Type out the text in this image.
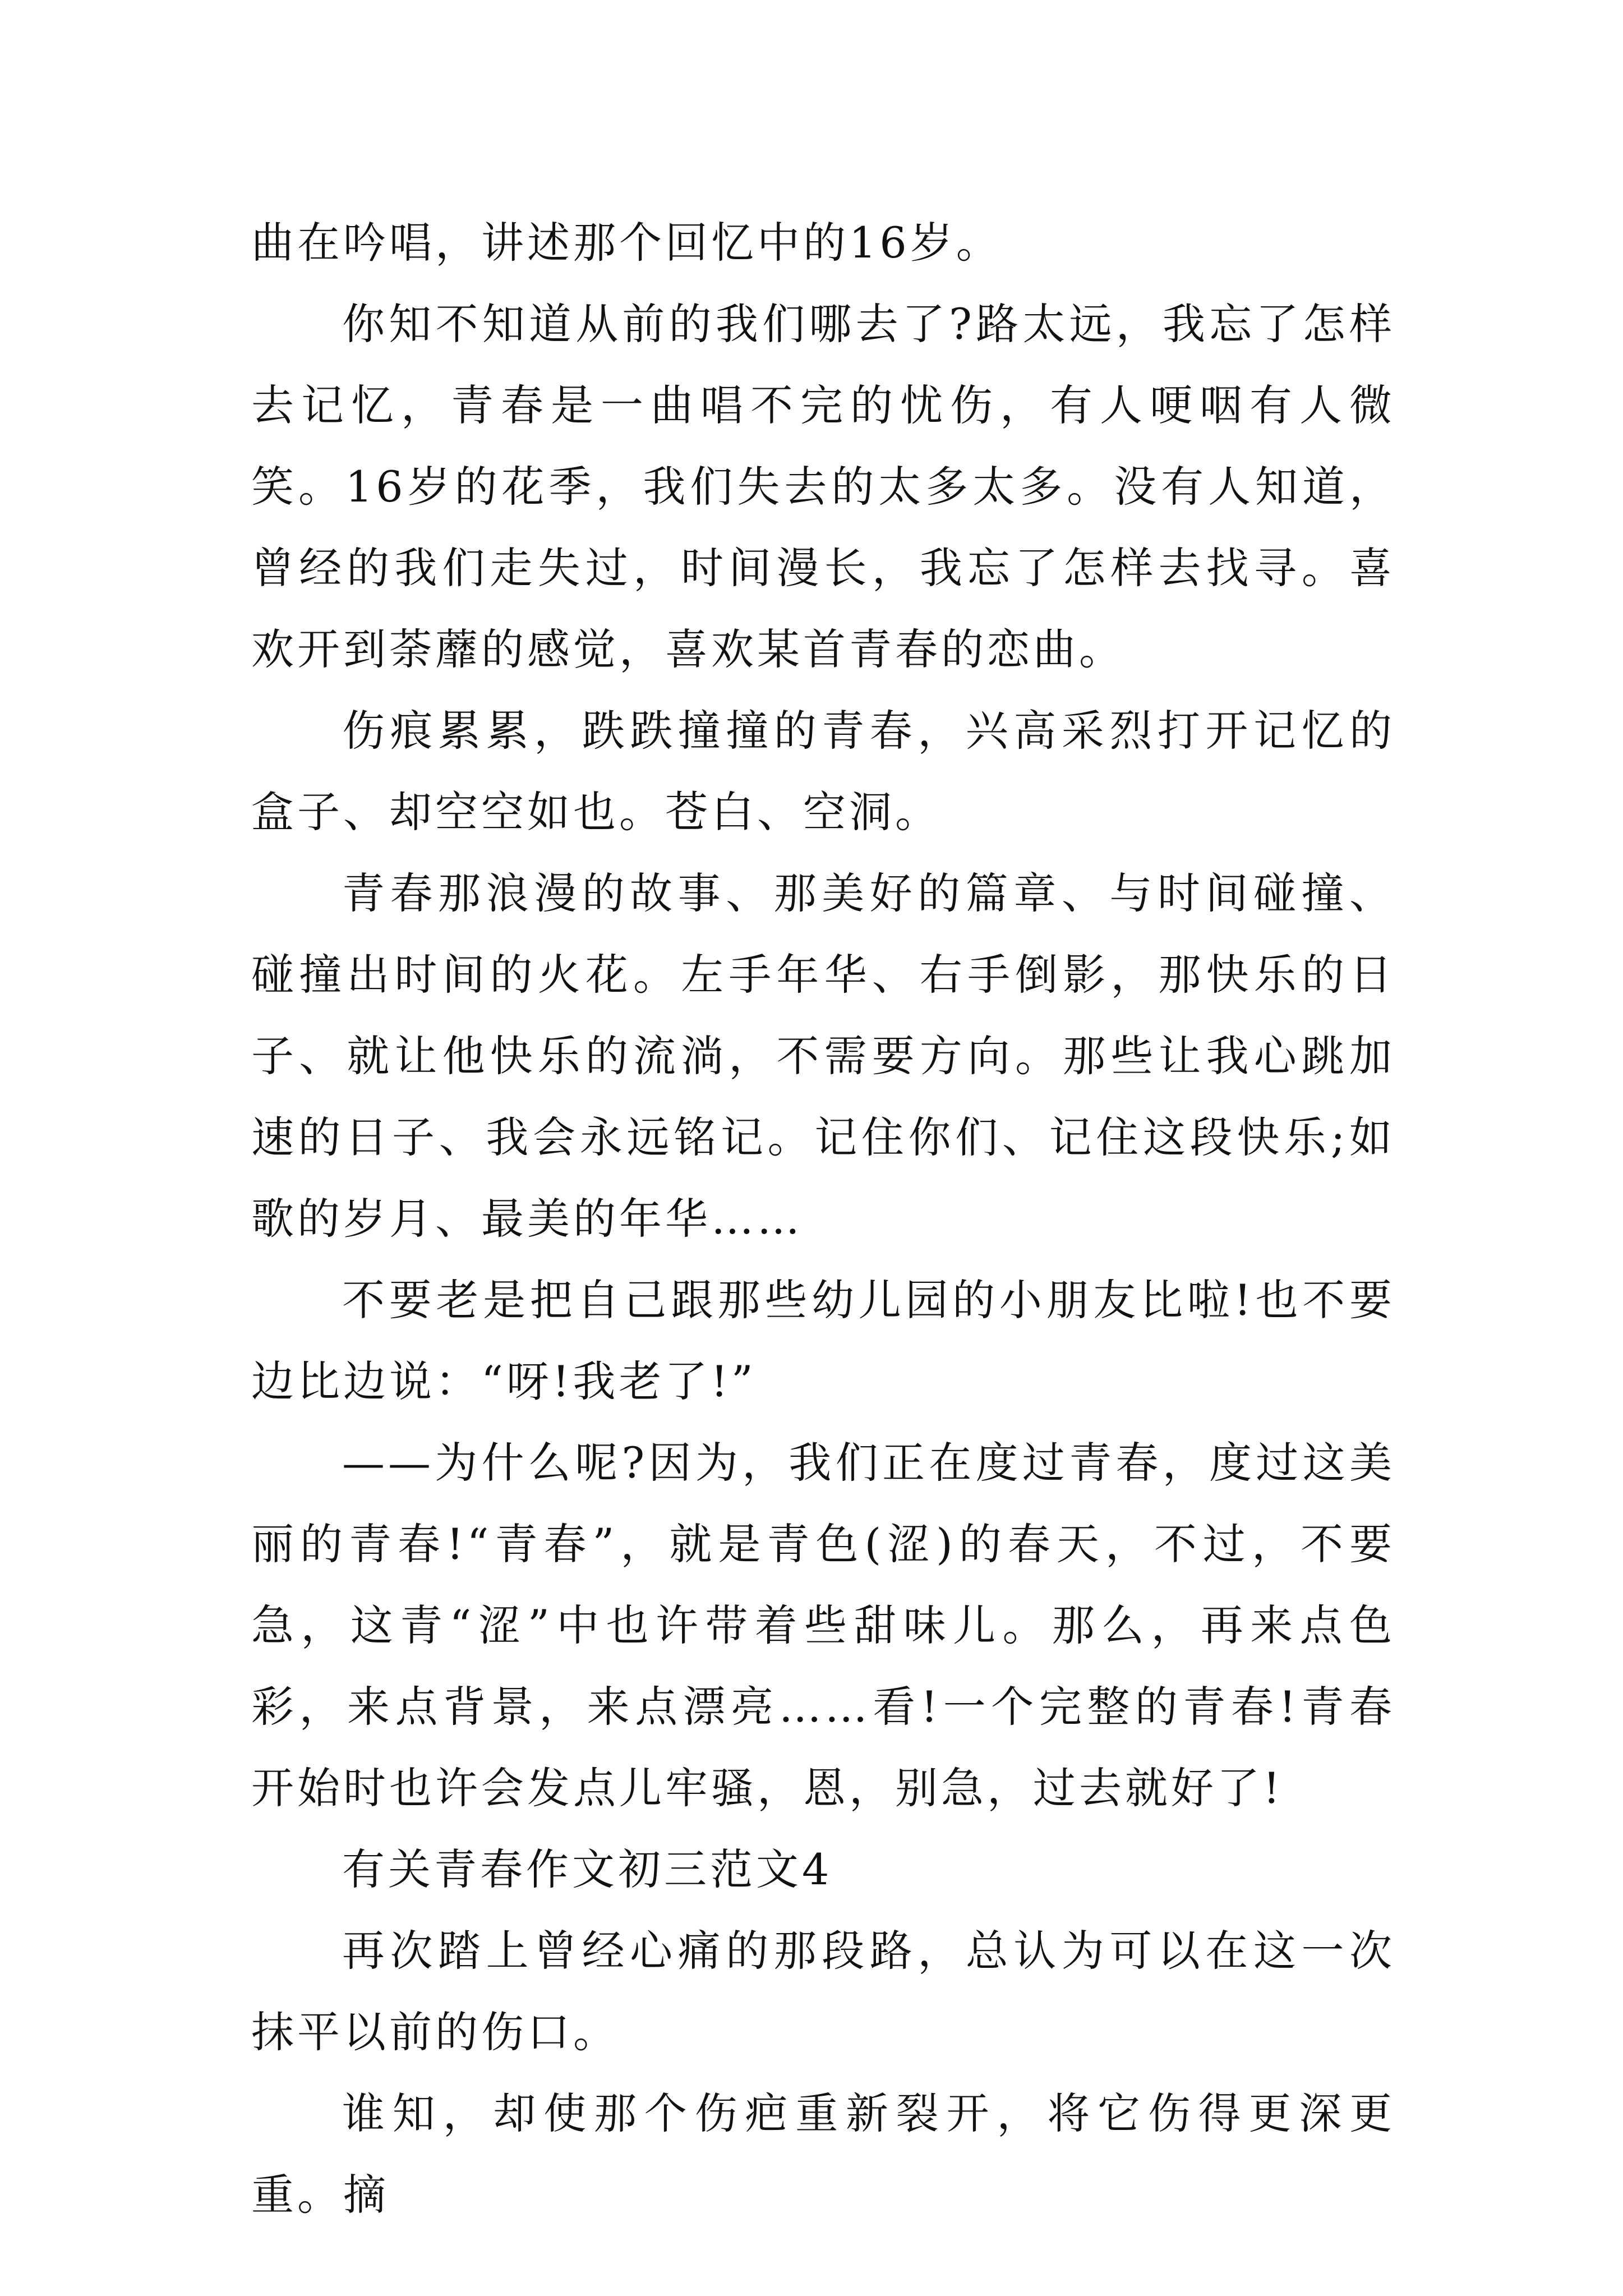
曲在吟唱，讲述那个回忆中的16岁。

你知不知道从前的我们哪去了?路太远，我忘了怎样去记忆，青春是一曲唱不完的忧伤，有人哽咽有人微笑。16岁的花季，我们失去的太多太多。没有人知道，曾经的我们走失过，时间漫长，我忘了怎样去找寻。喜欢开到荼蘼的感觉，喜欢某首青春的恋曲。

伤痕累累，跌跌撞撞的青春，兴高采烈打开记忆的盒子、却空空如也。苍白、空洞。

青春那浪漫的故事、那美好的篇章、与时间碰撞、碰撞出时间的火花。左手年华、右手倒影，那快乐的日子、就让他快乐的流淌，不需要方向。那些让我心跳加速的日子、我会永远铭记。记住你们、记住这段快乐;如歌的岁月、最美的年华……

不要老是把自己跟那些幼儿园的小朋友比啦!也不要边比边说：“呀!我老了!”

——为什么呢?因为，我们正在度过青春，度过这美丽的青春!“青春”，就是青色(涩)的春天，不过，不要急，这青“涩”中也许带着些甜味儿。那么，再来点色彩，来点背景，来点漂亮……看!一个完整的青春!青春开始时也许会发点儿牢骚，恩，别急，过去就好了!

有关青春作文初三范文4

再次踏上曾经心痛的那段路，总认为可以在这一次抹平以前的伤口。

谁知，却使那个伤疤重新裂开，将它伤得更深更重。摘
